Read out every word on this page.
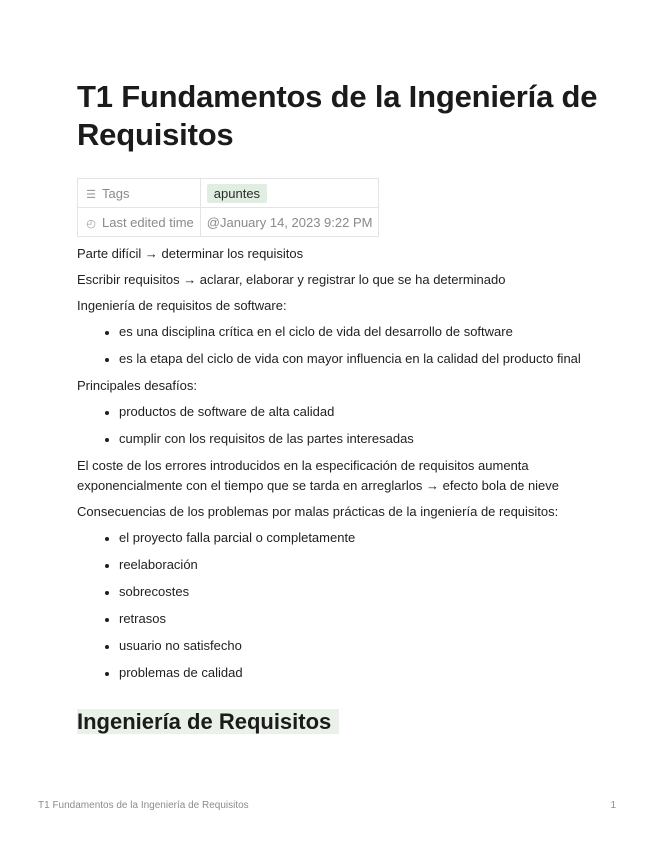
T1 Fundamentos de la Ingeniería de Requisitos
☰ Tags	apuntes
◴ Last edited time	@January 14, 2023 9:22 PM

Parte difícil → determinar los requisitos

Escribir requisitos → aclarar, elaborar y registrar lo que se ha determinado

Ingeniería de requisitos de software:

• es una disciplina crítica en el ciclo de vida del desarrollo de software
• es la etapa del ciclo de vida con mayor influencia en la calidad del producto final

Principales desafíos:

• productos de software de alta calidad
• cumplir con los requisitos de las partes interesadas

El coste de los errores introducidos en la especificación de requisitos aumenta exponencialmente con el tiempo que se tarda en arreglarlos → efecto bola de nieve

Consecuencias de los problemas por malas prácticas de la ingeniería de requisitos:

• el proyecto falla parcial o completamente
• reelaboración
• sobrecostes
• retrasos
• usuario no satisfecho
• problemas de calidad
Ingeniería de Requisitos
T1 Fundamentos de la Ingeniería de Requisitos	1
